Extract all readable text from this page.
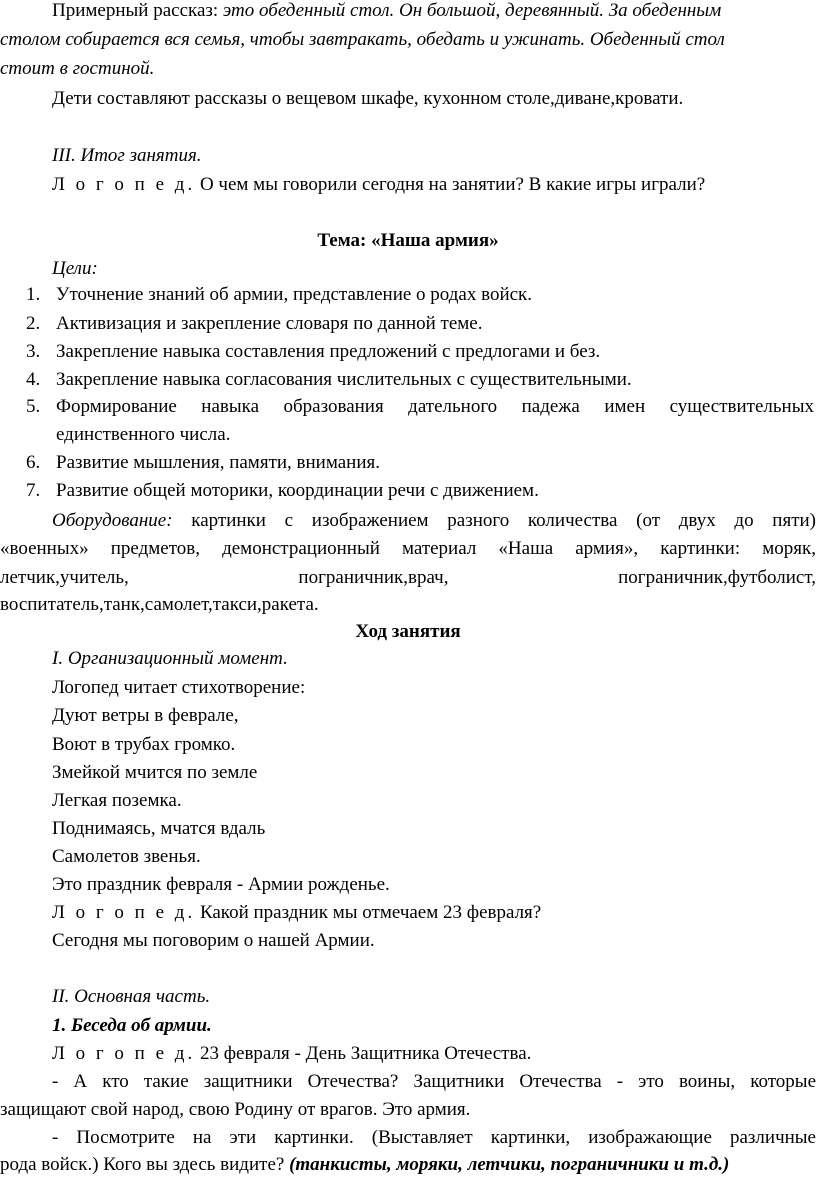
Примерный рассказ: это обеденный стол. Он большой, деревянный. За обеденным
столом собирается вся семья, чтобы завтракать, обедать и ужинать. Обеденный стол
стоит в гостиной.
Дети составляют рассказы о вещевом шкафе, кухонном столе,диване,кровати.
III. Итог занятия.
Л о г о п е д. О чем мы говорили сегодня на занятии? В какие игры играли?
Тема: «Наша армия»
Цели:
1. Уточнение знаний об армии, представление о родах войск.
2. Активизация и закрепление словаря по данной теме.
3. Закрепление навыка составления предложений с предлогами и без.
4. Закрепление навыка согласования числительных с существительными.
5. Формирование навыка образования дательного падежа имен существительных
единственного числа.
6. Развитие мышления, памяти, внимания.
7. Развитие общей моторики, координации речи с движением.
Оборудование: картинки с изображением разного количества (от двух до пяти)
«военных» предметов, демонстрационный материал «Наша армия», картинки: моряк,
летчик,учитель, пограничник,врач, пограничник,футболист,
воспитатель,танк,самолет,такси,ракета.
Ход занятия
I. Организационный момент.
Логопед читает стихотворение:
Дуют ветры в феврале,
Воют в трубах громко.
Змейкой мчится по земле
Легкая поземка.
Поднимаясь, мчатся вдаль
Самолетов звенья.
Это праздник февраля - Армии рожденье.
Л о г о п е д. Какой праздник мы отмечаем 23 февраля?
Сегодня мы поговорим о нашей Армии.
II. Основная часть.
1. Беседа об армии.
Л о г о п е д. 23 февраля - День Защитника Отечества.
- А кто такие защитники Отечества? Защитники Отечества - это воины, которые
защищают свой народ, свою Родину от врагов. Это армия.
- Посмотрите на эти картинки. (Выставляет картинки, изображающие различные
рода войск.) Кого вы здесь видите? (танкисты, моряки, летчики, пограничники и т.д.)
